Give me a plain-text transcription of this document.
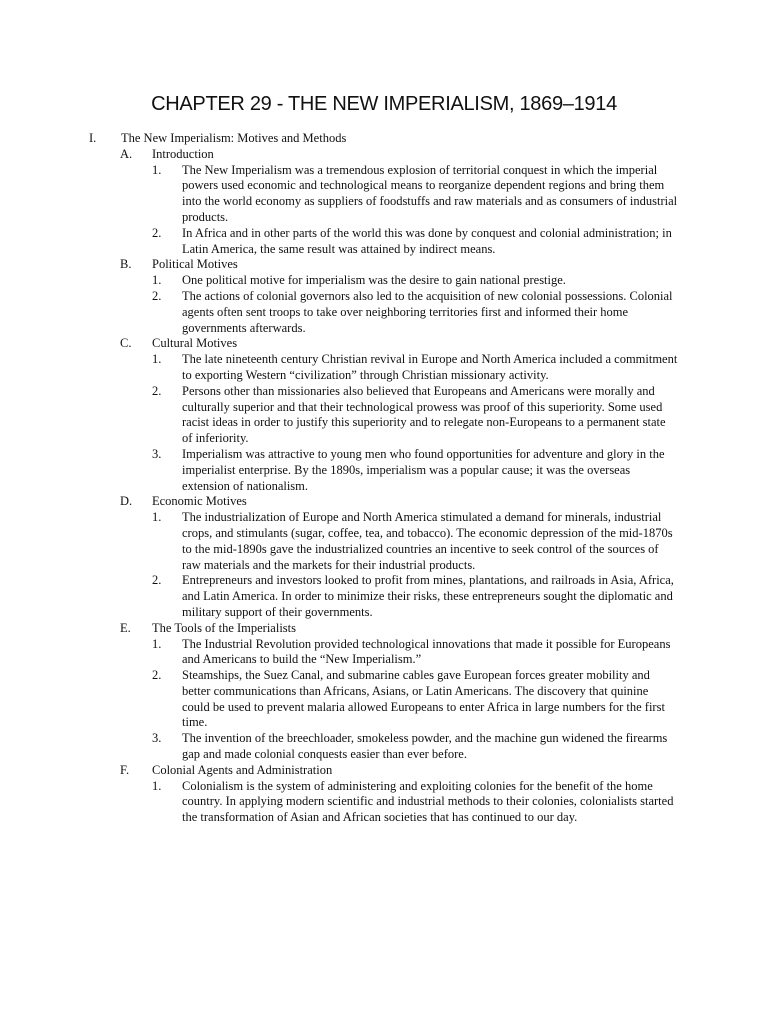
CHAPTER 29 - THE NEW IMPERIALISM, 1869–1914
I.	The New Imperialism: Motives and Methods
A.	Introduction
1.	The New Imperialism was a tremendous explosion of territorial conquest in which the imperial powers used economic and technological means to reorganize dependent regions and bring them into the world economy as suppliers of foodstuffs and raw materials and as consumers of industrial products.
2.	In Africa and in other parts of the world this was done by conquest and colonial administration; in Latin America, the same result was attained by indirect means.
B.	Political Motives
1.	One political motive for imperialism was the desire to gain national prestige.
2.	The actions of colonial governors also led to the acquisition of new colonial possessions. Colonial agents often sent troops to take over neighboring territories first and informed their home governments afterwards.
C.	Cultural Motives
1.	The late nineteenth century Christian revival in Europe and North America included a commitment to exporting Western “civilization” through Christian missionary activity.
2.	Persons other than missionaries also believed that Europeans and Americans were morally and culturally superior and that their technological prowess was proof of this superiority. Some used racist ideas in order to justify this superiority and to relegate non-Europeans to a permanent state of inferiority.
3.	Imperialism was attractive to young men who found opportunities for adventure and glory in the imperialist enterprise. By the 1890s, imperialism was a popular cause; it was the overseas extension of nationalism.
D.	Economic Motives
1.	The industrialization of Europe and North America stimulated a demand for minerals, industrial crops, and stimulants (sugar, coffee, tea, and tobacco). The economic depression of the mid-1870s to the mid-1890s gave the industrialized countries an incentive to seek control of the sources of raw materials and the markets for their industrial products.
2.	Entrepreneurs and investors looked to profit from mines, plantations, and railroads in Asia, Africa, and Latin America. In order to minimize their risks, these entrepreneurs sought the diplomatic and military support of their governments.
E.	The Tools of the Imperialists
1.	The Industrial Revolution provided technological innovations that made it possible for Europeans and Americans to build the “New Imperialism.”
2.	Steamships, the Suez Canal, and submarine cables gave European forces greater mobility and better communications than Africans, Asians, or Latin Americans. The discovery that quinine could be used to prevent malaria allowed Europeans to enter Africa in large numbers for the first time.
3.	The invention of the breechloader, smokeless powder, and the machine gun widened the firearms gap and made colonial conquests easier than ever before.
F.	Colonial Agents and Administration
1.	Colonialism is the system of administering and exploiting colonies for the benefit of the home country. In applying modern scientific and industrial methods to their colonies, colonialists started the transformation of Asian and African societies that has continued to our day.
